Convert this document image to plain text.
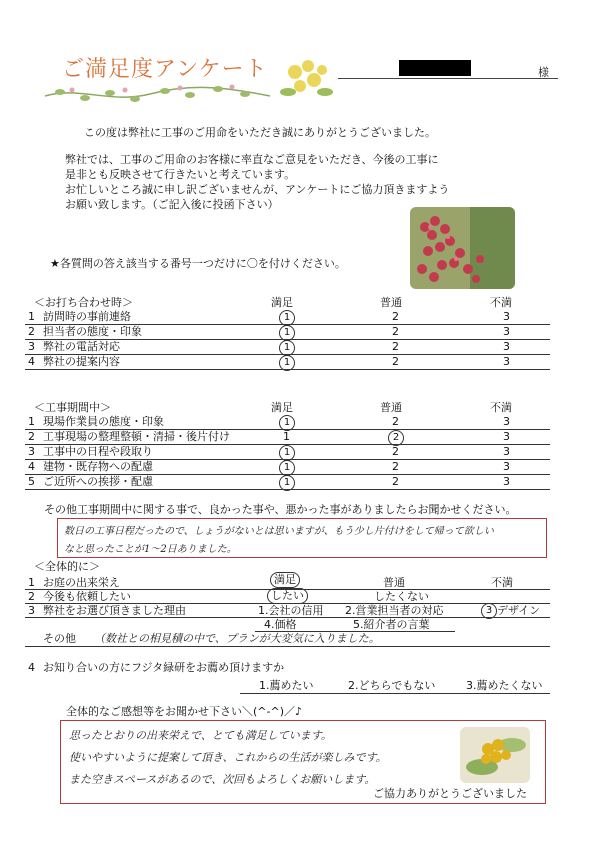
ご満足度アンケート	様
この度は弊社に工事のご用命をいただき誠にありがとうございました。
弊社では、工事のご用命のお客様に率直なご意見をいただき、今後の工事に
是非とも反映させて行きたいと考えています。
お忙しいところ誠に申し訳ございませんが、アンケートにご協力頂きますよう
お願い致します。（ご記入後に投函下さい）
★各質問の答え該当する番号一つだけに〇を付けください。
＜お打ち合わせ時＞	満足	普通	不満
1 訪問時の事前連絡	1	2	3
2 担当者の態度・印象	1	2	3
3 弊社の電話対応	1	2	3
4 弊社の提案内容	1	2	3
＜工事期間中＞	満足	普通	不満
1 現場作業員の態度・印象	1	2	3
2 工事現場の整理整頓・清掃・後片付け	1	2	3
3 工事中の日程や段取り	1	2	3
4 建物・既存物への配慮	1	2	3
5 ご近所への挨拶・配慮	1	2	3
その他工事期間中に関する事で、良かった事や、悪かった事がありましたらお聞かせください。
数日の工事日程だったので、しょうがないとは思いますが、もう少し片付けをして帰って欲しい
なと思ったことが1～2日ありました。
＜全体的に＞
1 お庭の出来栄え	満足	普通	不満
2 今後も依頼したい	したい	したくない
3 弊社をお選び頂きました理由	1.会社の信用 2.営業担当者の対応	3 デザイン
4.価格	5.紹介者の言葉
その他 （数社との相見積の中で、プランが大変気に入りました。
4 お知り合いの方にフジタ緑研をお薦め頂けますか
1.薦めたい	2.どちらでもない	3.薦めたくない
全体的なご感想等をお聞かせ下さい＼(^-^)／♪
思ったとおりの出来栄えで、とても満足しています。
使いやすいように提案して頂き、これからの生活が楽しみです。
また空きスペースがあるので、次回もよろしくお願いします。
ご協力ありがとうございました
